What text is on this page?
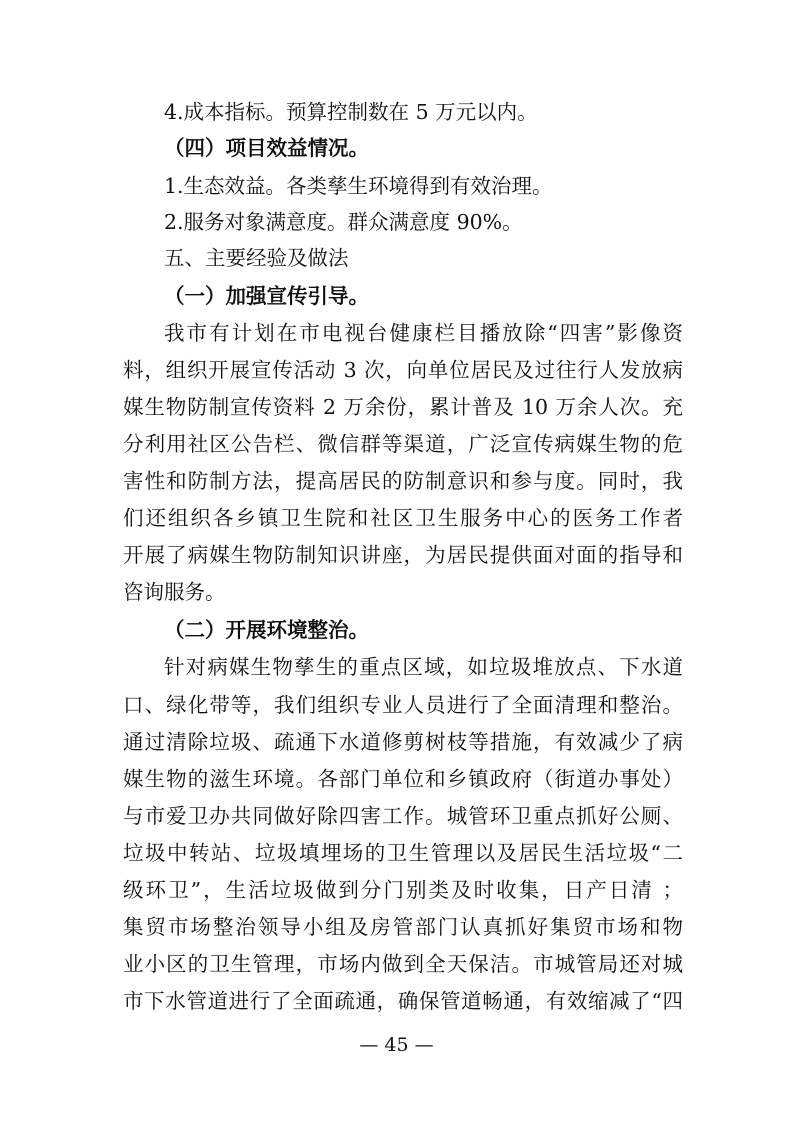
4.成本指标。预算控制数在 5 万元以内。
（四）项目效益情况。
1.生态效益。各类孳生环境得到有效治理。
2.服务对象满意度。群众满意度 90%。
五、主要经验及做法
（一）加强宣传引导。
我市有计划在市电视台健康栏目播放除“四害”影像资
料，组织开展宣传活动 3 次，向单位居民及过往行人发放病
媒生物防制宣传资料 2 万余份，累计普及 10 万余人次。充
分利用社区公告栏、微信群等渠道，广泛宣传病媒生物的危
害性和防制方法，提高居民的防制意识和参与度。同时，我
们还组织各乡镇卫生院和社区卫生服务中心的医务工作者
开展了病媒生物防制知识讲座，为居民提供面对面的指导和
咨询服务。
（二）开展环境整治。
针对病媒生物孳生的重点区域，如垃圾堆放点、下水道
口、绿化带等，我们组织专业人员进行了全面清理和整治。
通过清除垃圾、疏通下水道修剪树枝等措施，有效减少了病
媒生物的滋生环境。各部门单位和乡镇政府（街道办事处）
与市爱卫办共同做好除四害工作。城管环卫重点抓好公厕、
垃圾中转站、垃圾填埋场的卫生管理以及居民生活垃圾“二
级环卫”，生活垃圾做到分门别类及时收集，日产日清 ；
集贸市场整治领导小组及房管部门认真抓好集贸市场和物
业小区的卫生管理，市场内做到全天保洁。市城管局还对城
市下水管道进行了全面疏通，确保管道畅通，有效缩减了“四
— 45 —
